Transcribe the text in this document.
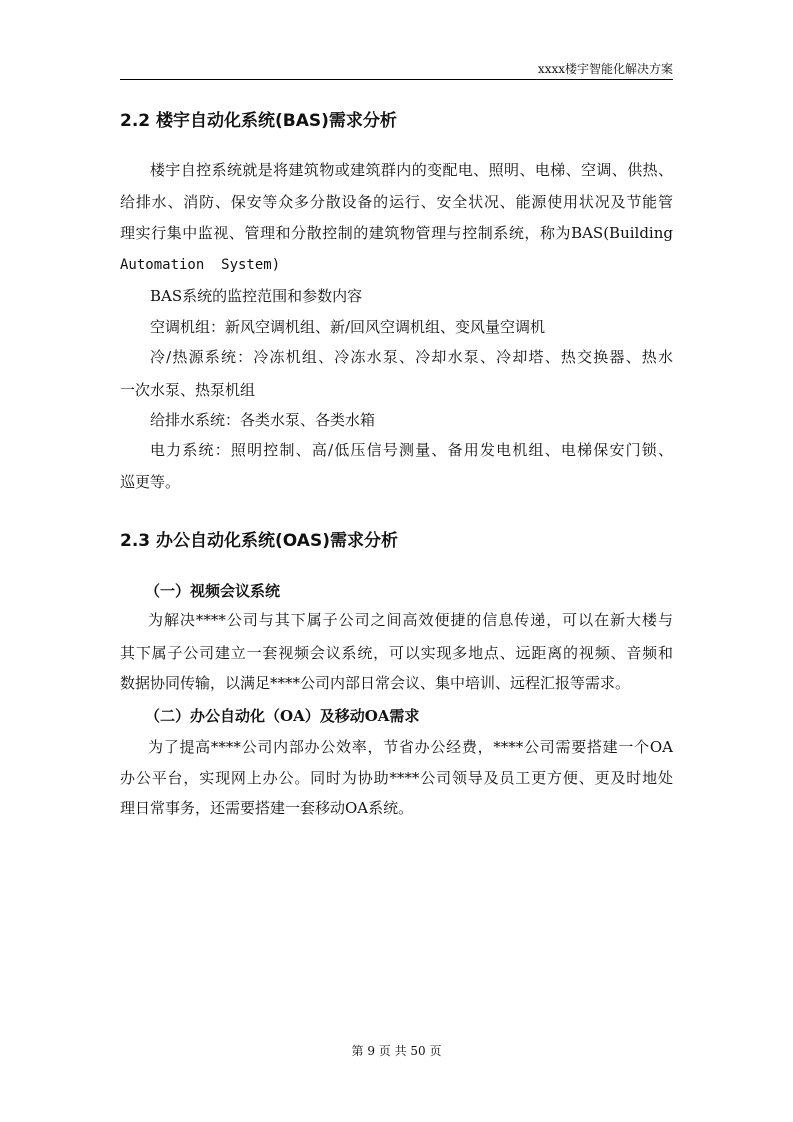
xxxx楼宇智能化解决方案
2.2 楼宇自动化系统(BAS)需求分析
楼宇自控系统就是将建筑物或建筑群内的变配电、照明、电梯、空调、供热、
给排水、消防、保安等众多分散设备的运行、安全状况、能源使用状况及节能管
理实行集中监视、管理和分散控制的建筑物管理与控制系统，称为BAS(Building
Automation  System)
BAS系统的监控范围和参数内容
空调机组：新风空调机组、新/回风空调机组、变风量空调机
冷/热源系统：冷冻机组、冷冻水泵、冷却水泵、冷却塔、热交换器、热水
一次水泵、热泵机组
给排水系统：各类水泵、各类水箱
电力系统：照明控制、高/低压信号测量、备用发电机组、电梯保安门锁、
巡更等。
2.3 办公自动化系统(OAS)需求分析
（一）视频会议系统
为解决****公司与其下属子公司之间高效便捷的信息传递，可以在新大楼与
其下属子公司建立一套视频会议系统，可以实现多地点、远距离的视频、音频和
数据协同传输，以满足****公司内部日常会议、集中培训、远程汇报等需求。
（二）办公自动化（OA）及移动OA需求
为了提高****公司内部办公效率，节省办公经费，****公司需要搭建一个OA
办公平台，实现网上办公。同时为协助****公司领导及员工更方便、更及时地处
理日常事务，还需要搭建一套移动OA系统。
第 9 页 共 50 页
